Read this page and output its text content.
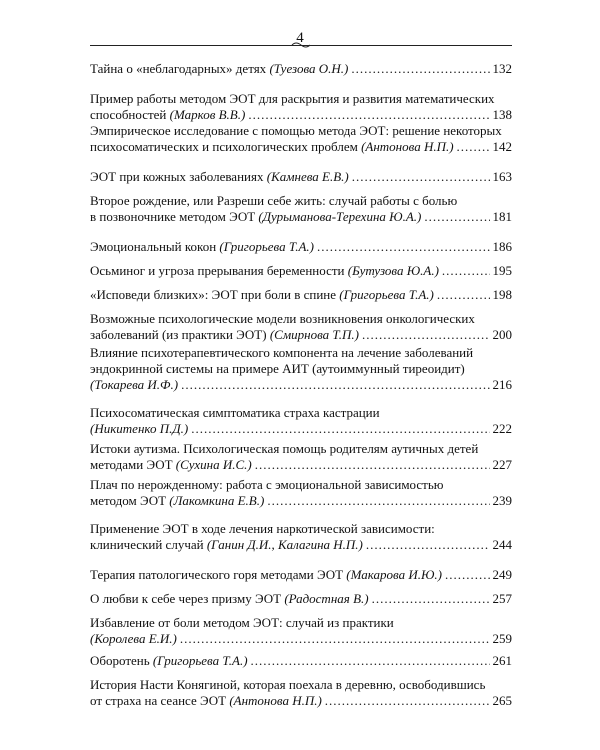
4
Тайна о «неблагодарных» детях
(Туезова О.Н.) .....	132
Пример работы методом ЭОТ для раскрытия и развития математических
способностей
(Марков В.В.) .....	138
Эмпирическое исследование с помощью метода ЭОТ: решение некоторых
психосоматических и психологических проблем
(Антонова Н.П.) .....	142
ЭОТ при кожных заболеваниях
(Камнева Е.В.) .....	163
Второе рождение, или Разреши себе жить: случай работы с болью
в позвоночнике методом ЭОТ
(Дурыманова-Терехина Ю.А.) .....	181
Эмоциональный кокон
(Григорьева Т.А.) .....	186
Осьминог и угроза прерывания беременности
(Бутузова Ю.А.) .....	195
«Исповеди близких»: ЭОТ при боли в спине
(Григорьева Т.А.) .....	198
Возможные психологические модели возникновения онкологических
заболеваний (из практики ЭОТ)
(Смирнова Т.П.) .....	200
Влияние психотерапевтического компонента на лечение заболеваний
эндокринной системы на примере АИТ (аутоиммунный тиреоидит)
(Токарева И.Ф.) .....	216
Психосоматическая симптоматика страха кастрации
(Никитенко П.Д.) .....	222
Истоки аутизма. Психологическая помощь родителям аутичных детей
методами ЭОТ
(Сухина И.С.) .....	227
Плач по нерожденному: работа с эмоциональной зависимостью
методом ЭОТ
(Лакомкина Е.В.) .....	239
Применение ЭОТ в ходе лечения наркотической зависимости:
клинический случай
(Ганин Д.И., Калагина Н.П.) .....	244
Терапия патологического горя методами ЭОТ
(Макарова И.Ю.) .....	249
О любви к себе через призму ЭОТ
(Радостная В.) .....	257
Избавление от боли методом ЭОТ: случай из практики
(Королева Е.И.) .....	259
Оборотень
(Григорьева Т.А.) .....	261
История Насти Конягиной, которая поехала в деревню, освободившись
от страха на сеансе ЭОТ
(Антонова Н.П.) .....	265
